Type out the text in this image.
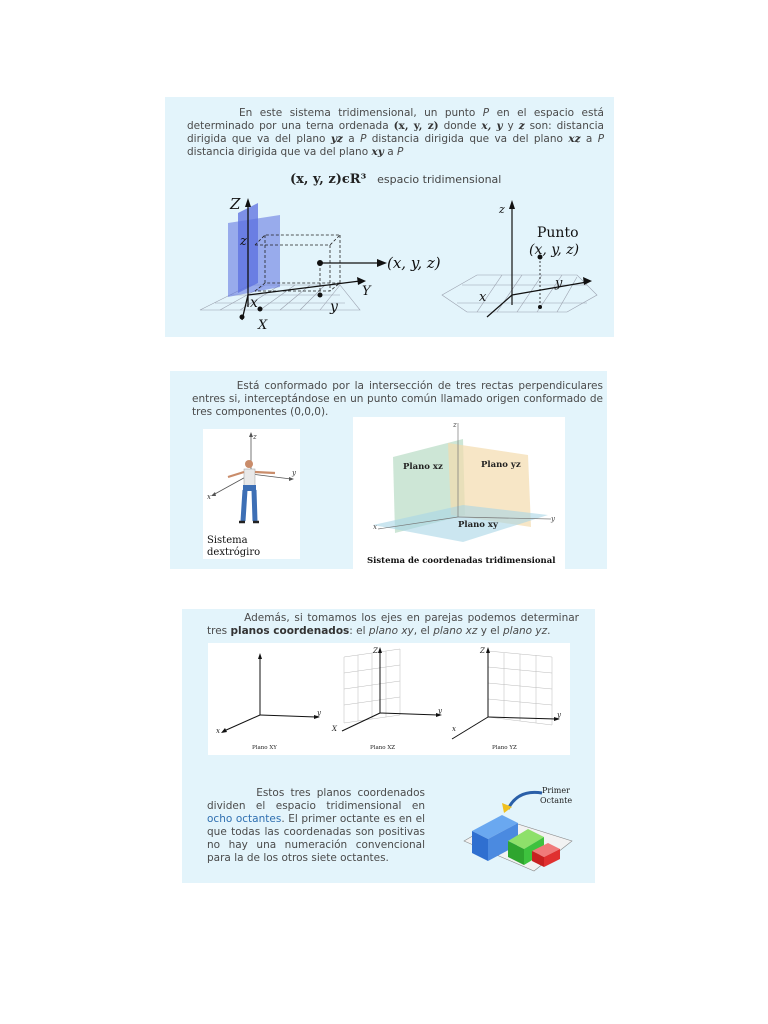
En este sistema tridimensional, un punto P en el espacio está determinado por una terna ordenada (x, y, z) donde x, y y z son: distancia dirigida que va del plano yz a P distancia dirigida que va del plano xz a P distancia dirigida que va del plano xy a P
(x, y, z)ϵR³ espacio tridimensional
Z
z
(x, y, z)
Y
y
x
X
z
Punto
(x, y, z)
y
x
Está conformado por la intersección de tres rectas perpendiculares entres si, interceptándose en un punto común llamado origen conformado de tres componentes (0,0,0).
z
y
x
Sistema
dextrógiro
z
y
x
Plano xz	Plano yz
Plano xy
Sistema de coordenadas tridimensional
Además, si tomamos los ejes en parejas podemos determinar tres planos coordenados: el plano xy, el plano xz y el plano yz.
y
x
Plano XY
Z
y
X
Plano XZ
Z
y
x
Plano YZ
Estos tres planos coordenados dividen el espacio tridimensional en ocho octantes. El primer octante es en el que todas las coordenadas son positivas no hay una numeración convencional para la de los otros siete octantes.
Primer
Octante
